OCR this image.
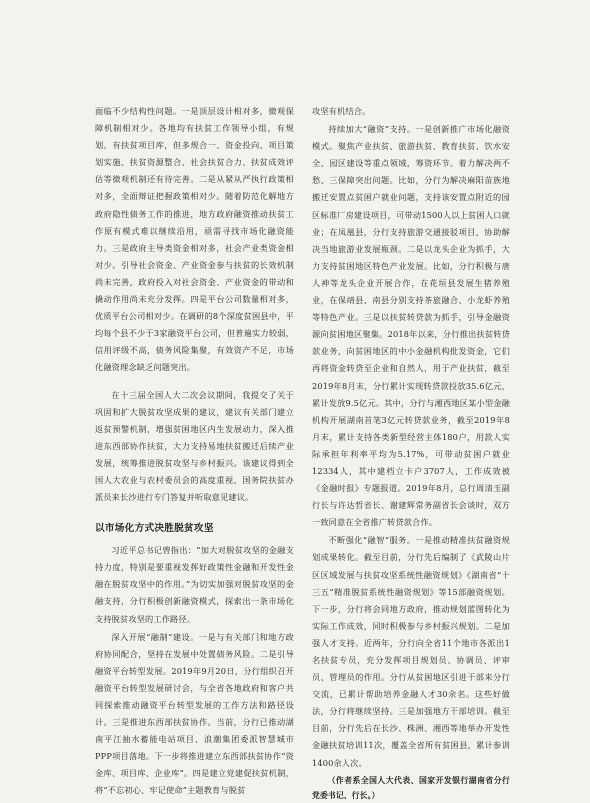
面临不少结构性问题。一是顶层设计相对多，微观保障机制相对少。各地均有扶贫工作领导小组，有规划，有扶贫项目库，但多规合一、资金投向、项目策划实施、扶贫资源整合、社会扶贫合力、扶贫成效评估等微观机制还有待完善。二是从紧从严执行政策相对多，全面辩证把握政策相对少。随着防范化解地方政府隐性债务工作的推进，地方政府融资推动扶贫工作原有模式难以继续沿用，亟需寻找市场化融资能力。三是政府主导类资金相对多，社会产业类资金相对少。引导社会资金、产业资金参与扶贫的长效机制尚未完善，政府投入对社会资金、产业资金的带动和撬动作用尚未充分发挥。四是平台公司数量相对多，优质平台公司相对少。在调研的8个深度贫困县中，平均每个县不少于3家融资平台公司，但普遍实力较弱，信用评级不高，债务风险集聚，有效资产不足，市场化融资理念缺乏问题突出。

在十三届全国人大二次会议期间，我提交了关于巩固和扩大脱贫攻坚成果的建议，建议有关部门建立返贫预警机制，增强贫困地区内生发展动力，深入推进东西部协作扶贫，大力支持易地扶贫搬迁后续产业发展，统筹推进脱贫攻坚与乡村振兴。该建议得到全国人大农业与农村委员会的高度重视，国务院扶贫办派员来长沙进行专门答复并听取意见建议。

以市场化方式决胜脱贫攻坚

习近平总书记曾指出：“加大对脱贫攻坚的金融支持力度，特别是要重视发挥好政策性金融和开发性金融在脱贫攻坚中的作用。”为切实加强对脱贫攻坚的金融支持，分行积极创新融资模式，探索出一条市场化支持脱贫攻坚的工作路径。

深入开展“融制”建设。一是与有关部门和地方政府协同配合，坚持在发展中处置债务风险。二是引导融资平台转型发展。2019年9月20日，分行组织召开融资平台转型发展研讨会，与全省各地政府和客户共同探索推动融资平台转型发展的工作方法和路径设计。三是推进东西部扶贫协作。当前，分行已推动湖南平江抽水蓄能电站项目、浪潮集团委派智慧城市PPP项目落地。下一步将推进建立东西部扶贫协作“资金库、项目库、企业库”。四是建立党建促扶贫机制，将“不忘初心、牢记使命”主题教育与脱贫

攻坚有机结合。

持续加大“融资”支持。一是创新推广市场化融资模式。聚焦产业扶贫、旅游扶贫、教育扶贫、饮水安全、园区建设等重点领域，筹资环节。着力解决两不愁、三保障突出问题。比如，分行为解决麻阳苗族地搬迁安置点贫困户就业问题，支持该安置点附近的园区标准厂房建设项目，可带动1500人以上贫困人口就业；在凤凰县，分行支持旅游交通接驳项目，协助解决当地旅游业发展瓶颈。二是以龙头企业为抓手，大力支持贫困地区特色产业发展。比如，分行积极与唐人神等龙头企业开展合作，在花垣县发展生猪养殖业，在保靖县、南县分别支持茶旅融合、小龙虾养殖等特色产业。三是以扶贫转贷款为抓手，引导金融资源向贫困地区聚集。2018年以来，分行推出扶贫转贷款业务，向贫困地区的中小金融机构批发资金，它们再将资金转贷至企业和自然人，用于产业扶贫，截至2019年8月末，分行累计实现转贷款投放35.6亿元，累计发放9.5亿元。其中，分行与湘西地区某小型金融机构开展湖南首笔3亿元转贷款业务，截至2019年8月末，累计支持各类新型经营主体180户，用款人实际承担年利率平均为5.17%，可带动贫困户就业12334人，其中建档立卡户3707人，工作成效被《金融时报》专题报道。2019年8月，总行周清玉副行长与许达哲省长、谢建辉常务副省长会谈时，双方一致同意在全省推广转贷款合作。

不断强化“融智”服务。一是推动精准扶贫融资规划成果转化。截至目前，分行先后编制了《武陵山片区区域发展与扶贫攻坚系统性融资规划》《湖南省“十三五”精准脱贫系统性融资规划》等15部融资规划。下一步，分行将会同地方政府，推动规划蓝图转化为实际工作成效，同时积极参与乡村振兴规划。二是加强人才支持。近两年，分行向全省11个地市各派出1名扶贫专员，充分发挥项目规划员、协调员、评审员、管理员的作用。分行从贫困地区引进干部来分行交流，已累计帮助培养金融人才30余名。这些好做法，分行将继续坚持。三是加强地方干部培训。截至目前，分行先后在长沙、株洲、湘西等地举办开发性金融扶贫培训11次，覆盖全省所有贫困县，累计参训1400余人次。

（作者系全国人大代表、国家开发银行湖南省分行党委书记、行长。）
